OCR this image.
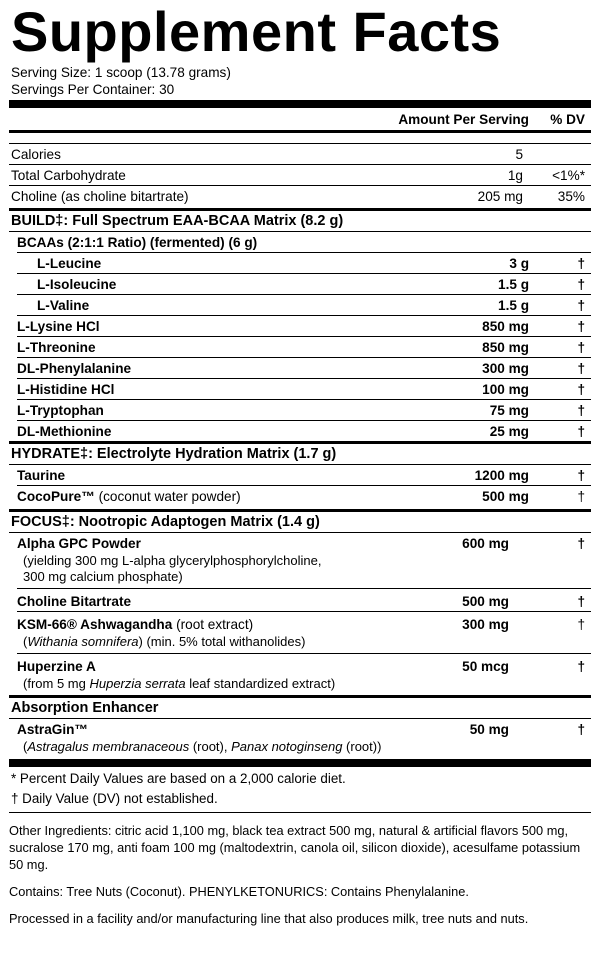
Supplement Facts
Serving Size: 1 scoop (13.78 grams)
Servings Per Container: 30
Amount Per Serving	% DV
Calories	5
Total Carbohydrate	1g	<1%*
Choline (as choline bitartrate)	205 mg	35%
BUILD‡: Full Spectrum EAA-BCAA Matrix (8.2 g)
BCAAs (2:1:1 Ratio) (fermented) (6 g)
L-Leucine	3 g	†
L-Isoleucine	1.5 g	†
L-Valine	1.5 g	†
L-Lysine HCl	850 mg	†
L-Threonine	850 mg	†
DL-Phenylalanine	300 mg	†
L-Histidine HCl	100 mg	†
L-Tryptophan	75 mg	†
DL-Methionine	25 mg	†
HYDRATE‡: Electrolyte Hydration Matrix (1.7 g)
Taurine	1200 mg	†
CocoPure™ (coconut water powder)	500 mg	†
FOCUS‡: Nootropic Adaptogen Matrix (1.4 g)
Alpha GPC Powder	600 mg	†
(yielding 300 mg L-alpha glycerylphosphorylcholine,
300 mg calcium phosphate)
Choline Bitartrate	500 mg	†
KSM-66® Ashwagandha (root extract)	300 mg	†
(Withania somnifera) (min. 5% total withanolides)
Huperzine A	50 mcg	†
(from 5 mg Huperzia serrata leaf standardized extract)
Absorption Enhancer
AstraGin™	50 mg	†
(Astragalus membranaceous (root), Panax notoginseng (root))
* Percent Daily Values are based on a 2,000 calorie diet.
† Daily Value (DV) not established.
Other Ingredients: citric acid 1,100 mg, black tea extract 500 mg, natural & artificial flavors 500 mg, sucralose 170 mg, anti foam 100 mg (maltodextrin, canola oil, silicon dioxide), acesulfame potassium 50 mg.
Contains: Tree Nuts (Coconut). PHENYLKETONURICS: Contains Phenylalanine.
Processed in a facility and/or manufacturing line that also produces milk, tree nuts and nuts.
